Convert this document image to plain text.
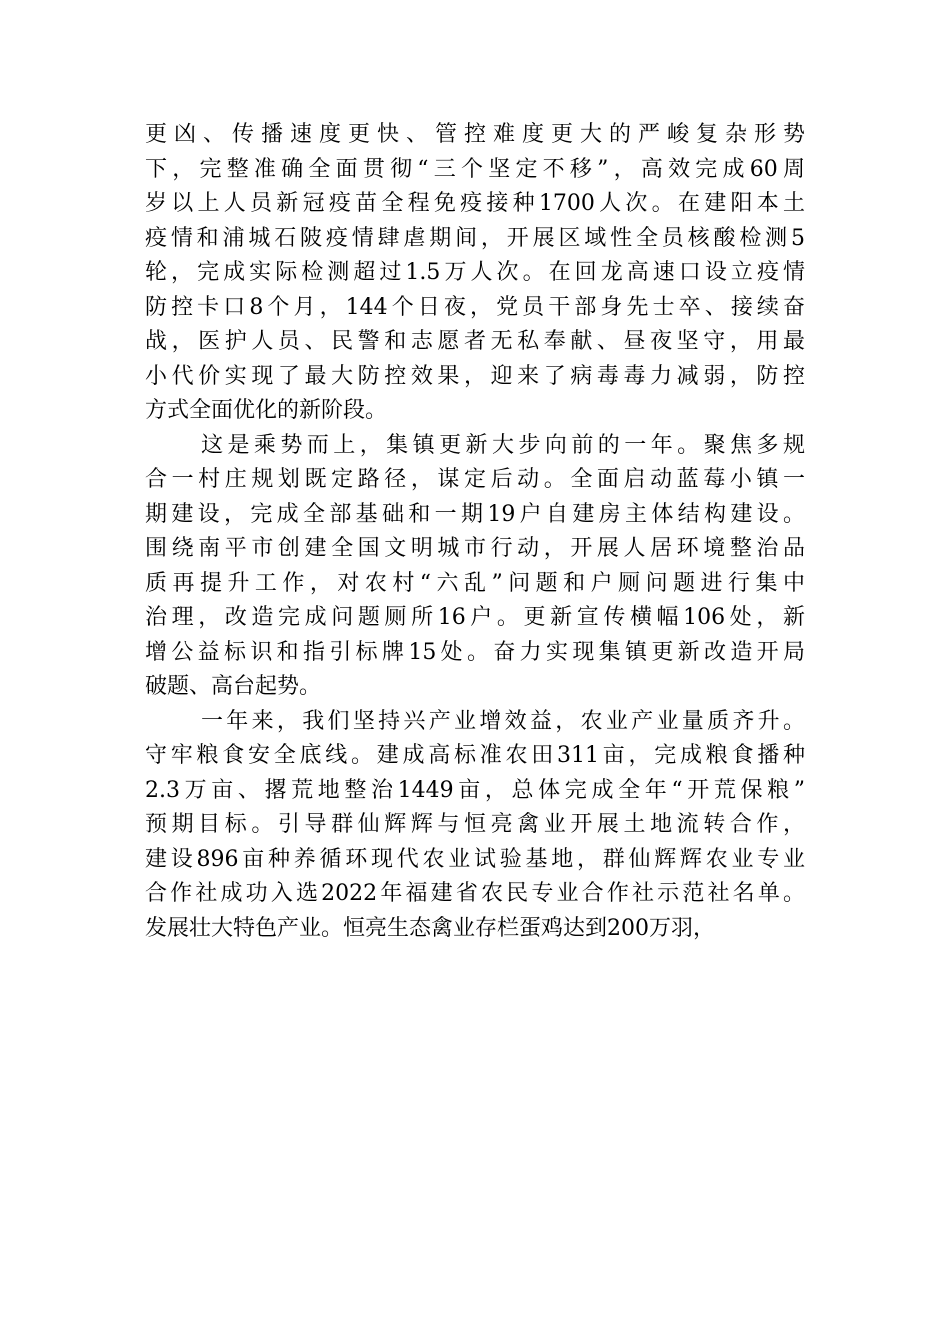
更凶、传播速度更快、管控难度更大的严峻复杂形势
下，完整准确全面贯彻“三个坚定不移”，高效完成60周
岁以上人员新冠疫苗全程免疫接种1700人次。在建阳本土
疫情和浦城石陂疫情肆虐期间，开展区域性全员核酸检测5
轮，完成实际检测超过1.5万人次。在回龙高速口设立疫情
防控卡口8个月，144个日夜，党员干部身先士卒、接续奋
战，医护人员、民警和志愿者无私奉献、昼夜坚守，用最
小代价实现了最大防控效果，迎来了病毒毒力减弱，防控
方式全面优化的新阶段。
这是乘势而上，集镇更新大步向前的一年。聚焦多规
合一村庄规划既定路径，谋定后动。全面启动蓝莓小镇一
期建设，完成全部基础和一期19户自建房主体结构建设。
围绕南平市创建全国文明城市行动，开展人居环境整治品
质再提升工作，对农村“六乱”问题和户厕问题进行集中
治理，改造完成问题厕所16户。更新宣传横幅106处，新
增公益标识和指引标牌15处。奋力实现集镇更新改造开局
破题、高台起势。
一年来，我们坚持兴产业增效益，农业产业量质齐升。
守牢粮食安全底线。建成高标准农田311亩，完成粮食播种
2.3万亩、撂荒地整治1449亩，总体完成全年“开荒保粮”
预期目标。引导群仙辉辉与恒亮禽业开展土地流转合作，
建设896亩种养循环现代农业试验基地，群仙辉辉农业专业
合作社成功入选2022年福建省农民专业合作社示范社名单。
发展壮大特色产业。恒亮生态禽业存栏蛋鸡达到200万羽，
